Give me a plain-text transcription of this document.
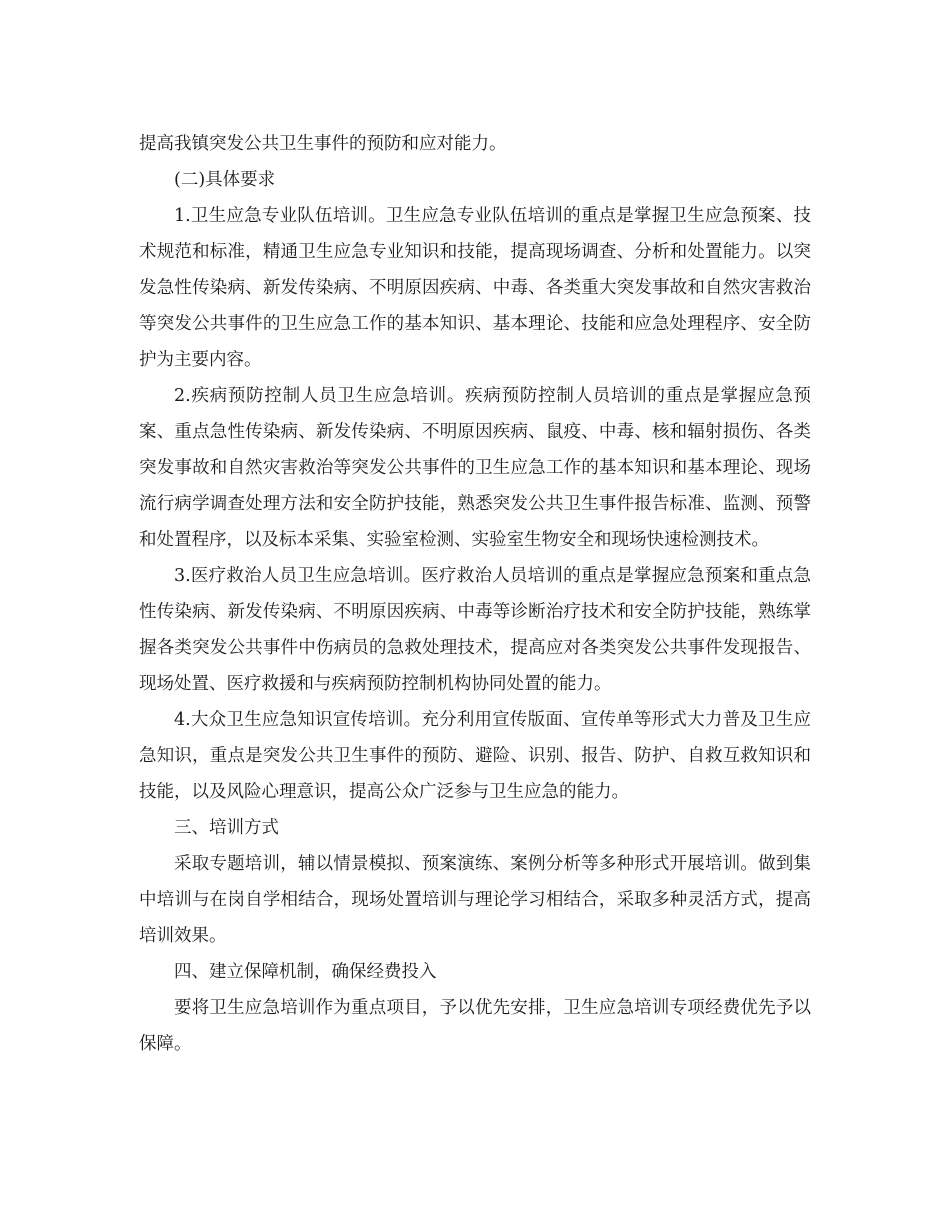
提高我镇突发公共卫生事件的预防和应对能力。

(二)具体要求

1.卫生应急专业队伍培训。卫生应急专业队伍培训的重点是掌握卫生应急预案、技术规范和标准，精通卫生应急专业知识和技能，提高现场调查、分析和处置能力。以突发急性传染病、新发传染病、不明原因疾病、中毒、各类重大突发事故和自然灾害救治等突发公共事件的卫生应急工作的基本知识、基本理论、技能和应急处理程序、安全防护为主要内容。

2.疾病预防控制人员卫生应急培训。疾病预防控制人员培训的重点是掌握应急预案、重点急性传染病、新发传染病、不明原因疾病、鼠疫、中毒、核和辐射损伤、各类突发事故和自然灾害救治等突发公共事件的卫生应急工作的基本知识和基本理论、现场流行病学调查处理方法和安全防护技能，熟悉突发公共卫生事件报告标准、监测、预警和处置程序，以及标本采集、实验室检测、实验室生物安全和现场快速检测技术。

3.医疗救治人员卫生应急培训。医疗救治人员培训的重点是掌握应急预案和重点急性传染病、新发传染病、不明原因疾病、中毒等诊断治疗技术和安全防护技能，熟练掌握各类突发公共事件中伤病员的急救处理技术，提高应对各类突发公共事件发现报告、现场处置、医疗救援和与疾病预防控制机构协同处置的能力。

4.大众卫生应急知识宣传培训。充分利用宣传版面、宣传单等形式大力普及卫生应急知识，重点是突发公共卫生事件的预防、避险、识别、报告、防护、自救互救知识和技能，以及风险心理意识，提高公众广泛参与卫生应急的能力。

三、培训方式

采取专题培训，辅以情景模拟、预案演练、案例分析等多种形式开展培训。做到集中培训与在岗自学相结合，现场处置培训与理论学习相结合，采取多种灵活方式，提高培训效果。

四、建立保障机制，确保经费投入

要将卫生应急培训作为重点项目，予以优先安排，卫生应急培训专项经费优先予以保障。
